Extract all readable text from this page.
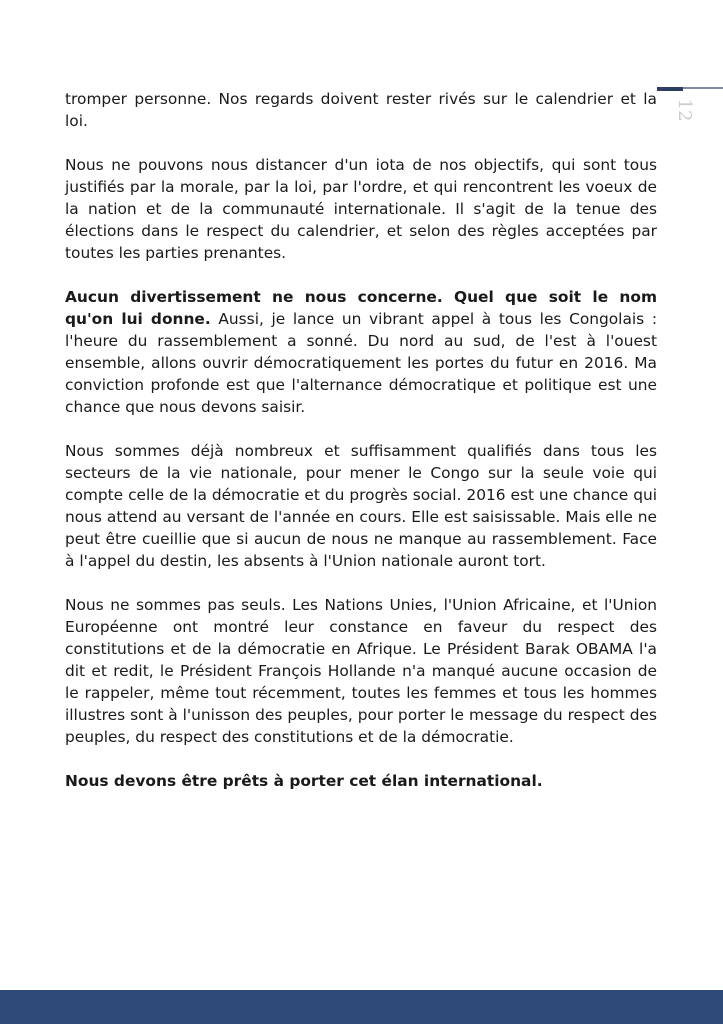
12

tromper personne. Nos regards doivent rester rivés sur le calendrier et la loi.

Nous ne pouvons nous distancer d'un iota de nos objectifs, qui sont tous justifiés par la morale, par la loi, par l'ordre, et qui rencontrent les voeux de la nation et de la communauté internationale. Il s'agit de la tenue des élections dans le respect du calendrier, et selon des règles acceptées par toutes les parties prenantes.

Aucun divertissement ne nous concerne. Quel que soit le nom qu'on lui donne. Aussi, je lance un vibrant appel à tous les Congolais : l'heure du rassemblement a sonné. Du nord au sud, de l'est à l'ouest ensemble, allons ouvrir démocratiquement les portes du futur en 2016. Ma conviction profonde est que l'alternance démocratique et politique est une chance que nous devons saisir.

Nous sommes déjà nombreux et suffisamment qualifiés dans tous les secteurs de la vie nationale, pour mener le Congo sur la seule voie qui compte celle de la démocratie et du progrès social. 2016 est une chance qui nous attend au versant de l'année en cours. Elle est saisissable. Mais elle ne peut être cueillie que si aucun de nous ne manque au rassemblement. Face à l'appel du destin, les absents à l'Union nationale auront tort.

Nous ne sommes pas seuls. Les Nations Unies, l'Union Africaine, et l'Union Européenne ont montré leur constance en faveur du respect des constitutions et de la démocratie en Afrique. Le Président Barak OBAMA l'a dit et redit, le Président François Hollande n'a manqué aucune occasion de le rappeler, même tout récemment, toutes les femmes et tous les hommes illustres sont à l'unisson des peuples, pour porter le message du respect des peuples, du respect des constitutions et de la démocratie.

Nous devons être prêts à porter cet élan international.
